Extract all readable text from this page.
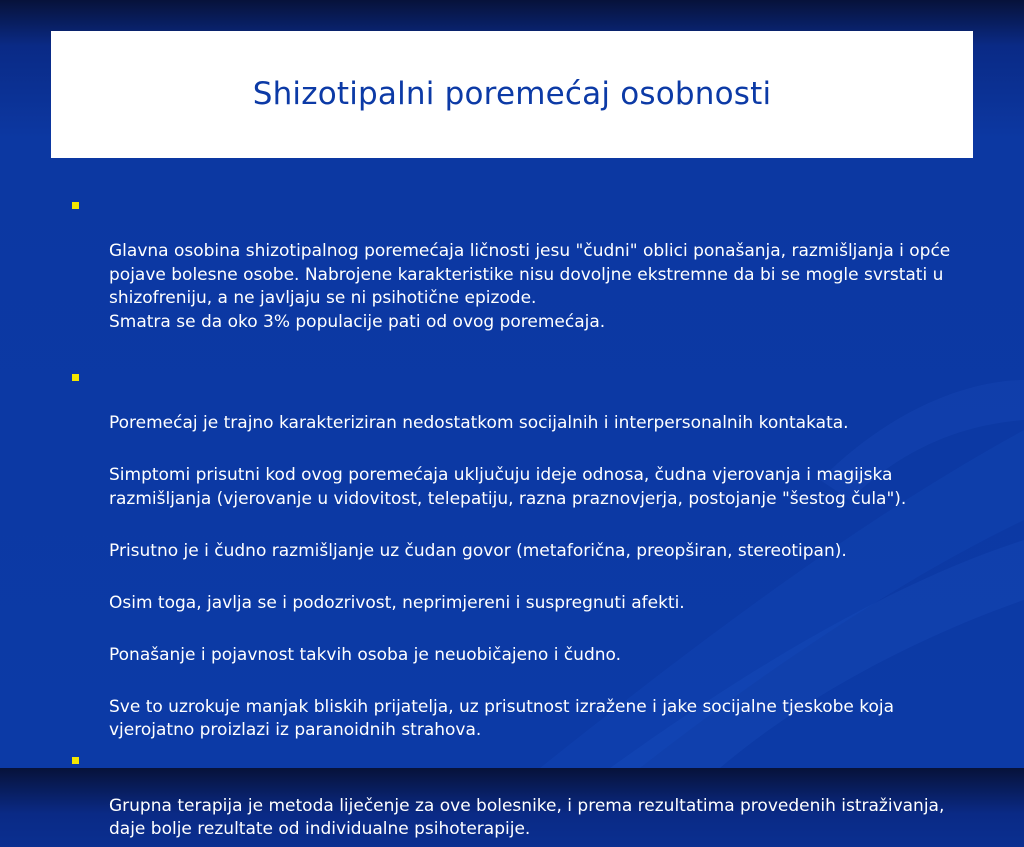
Shizotipalni poremećaj osobnosti

Glavna osobina shizotipalnog poremećaja ličnosti jesu "čudni" oblici ponašanja, razmišljanja i opće pojave bolesne osobe. Nabrojene karakteristike nisu dovoljne ekstremne da bi se mogle svrstati u shizofreniju, a ne javljaju se ni psihotične epizode.
Smatra se da oko 3% populacije pati od ovog poremećaja.

Poremećaj je trajno karakteriziran nedostatkom socijalnih i interpersonalnih kontakata.

Simptomi prisutni kod ovog poremećaja uključuju ideje odnosa, čudna vjerovanja i magijska razmišljanja (vjerovanje u vidovitost, telepatiju, razna praznovjerja, postojanje "šestog čula").

Prisutno je i čudno razmišljanje uz čudan govor (metaforična, preopširan, stereotipan).

Osim toga, javlja se i podozrivost, neprimjereni i suspregnuti afekti.

Ponašanje i pojavnost takvih osoba je neuobičajeno i čudno.

Sve to uzrokuje manjak bliskih prijatelja, uz prisutnost izražene i jake socijalne tjeskobe koja vjerojatno proizlazi iz paranoidnih strahova.

Grupna terapija je metoda liječenje za ove bolesnike, i prema rezultatima provedenih istraživanja, daje bolje rezultate od individualne psihoterapije.
